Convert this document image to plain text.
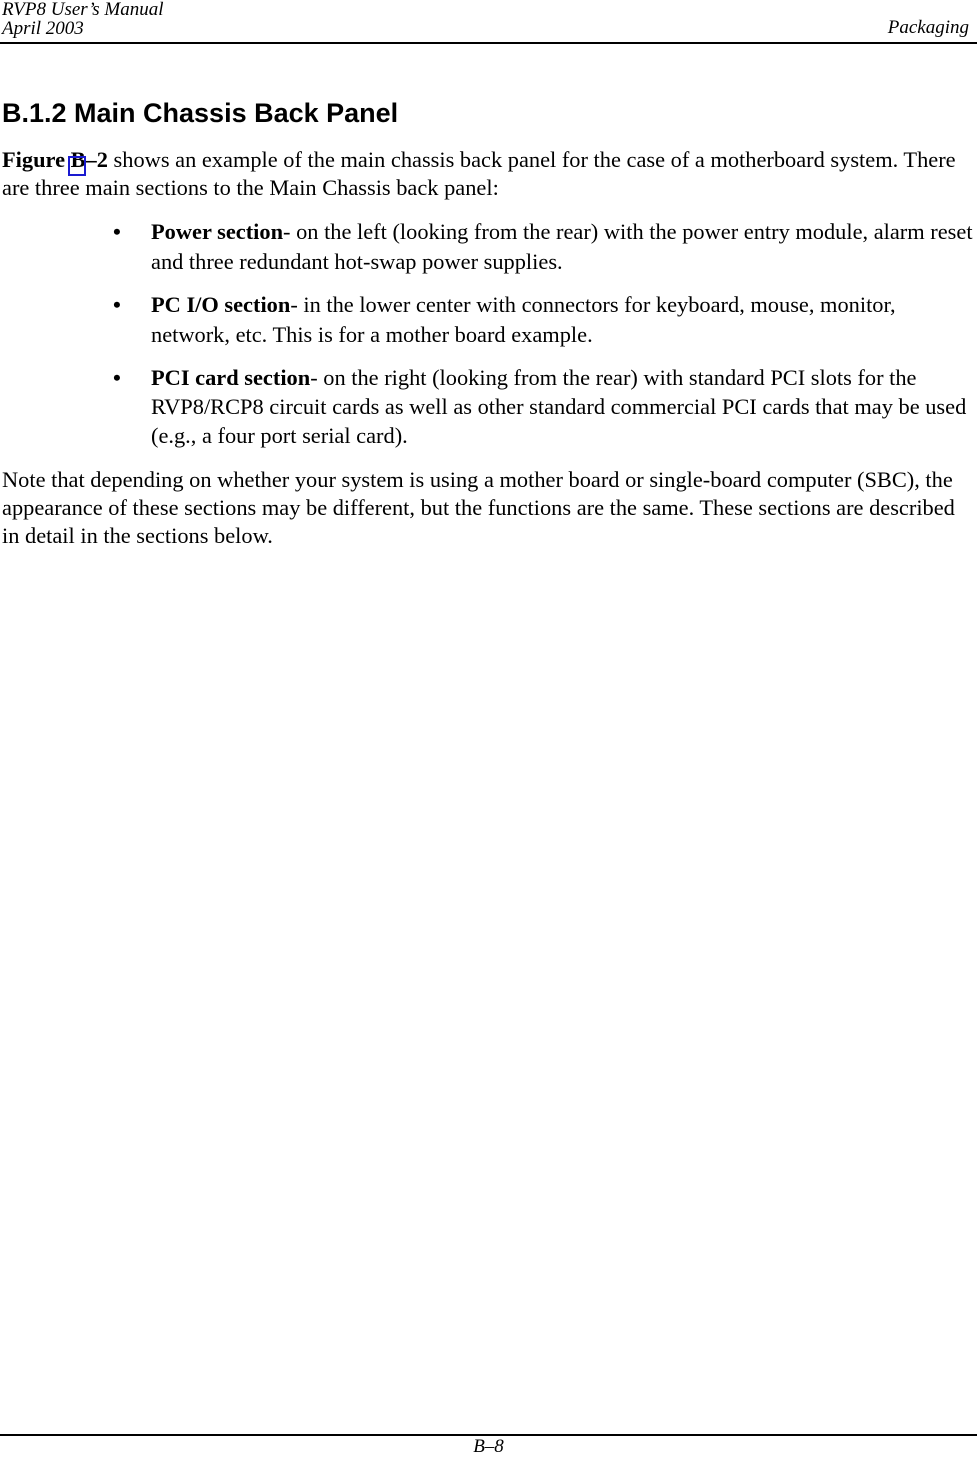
RVP8 User’s Manual
April 2003	Packaging
B.1.2 Main Chassis Back Panel

Figure B–2 shows an example of the main chassis back panel for the case of a motherboard system. There are three main sections to the Main Chassis back panel:

• Power section- on the left (looking from the rear) with the power entry module, alarm reset and three redundant hot-swap power supplies.
• PC I/O section- in the lower center with connectors for keyboard, mouse, monitor, network, etc. This is for a mother board example.
• PCI card section- on the right (looking from the rear) with standard PCI slots for the RVP8/RCP8 circuit cards as well as other standard commercial PCI cards that may be used (e.g., a four port serial card).

Note that depending on whether your system is using a mother board or single-board computer (SBC), the appearance of these sections may be different, but the functions are the same. These sections are described in detail in the sections below.

B–8
